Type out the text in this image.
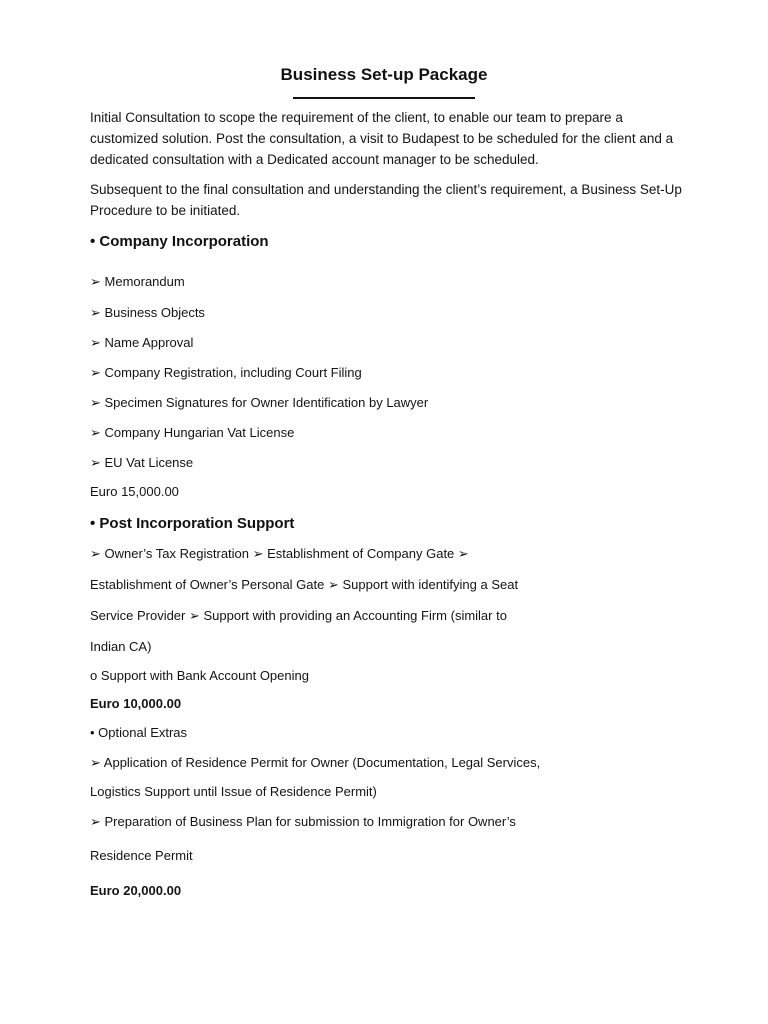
Business Set-up Package
Initial Consultation to scope the requirement of the client, to enable our team to prepare a customized solution. Post the consultation, a visit to Budapest to be scheduled for the client and a dedicated consultation with a Dedicated account manager to be scheduled.
Subsequent to the final consultation and understanding the client’s requirement, a Business Set-Up Procedure to be initiated.
• Company Incorporation
➢ Memorandum
➢ Business Objects
➢ Name Approval
➢ Company Registration, including Court Filing
➢ Specimen Signatures for Owner Identification by Lawyer
➢ Company Hungarian Vat License
➢ EU Vat License
Euro 15,000.00
• Post Incorporation Support
➢ Owner’s Tax Registration ➢ Establishment of Company Gate ➢
Establishment of Owner’s Personal Gate ➢ Support with identifying a Seat
Service Provider ➢ Support with providing an Accounting Firm (similar to
Indian CA)
o Support with Bank Account Opening
Euro 10,000.00
• Optional Extras
➢ Application of Residence Permit for Owner (Documentation, Legal Services,
Logistics Support until Issue of Residence Permit)
➢ Preparation of Business Plan for submission to Immigration for Owner’s
Residence Permit
Euro 20,000.00
